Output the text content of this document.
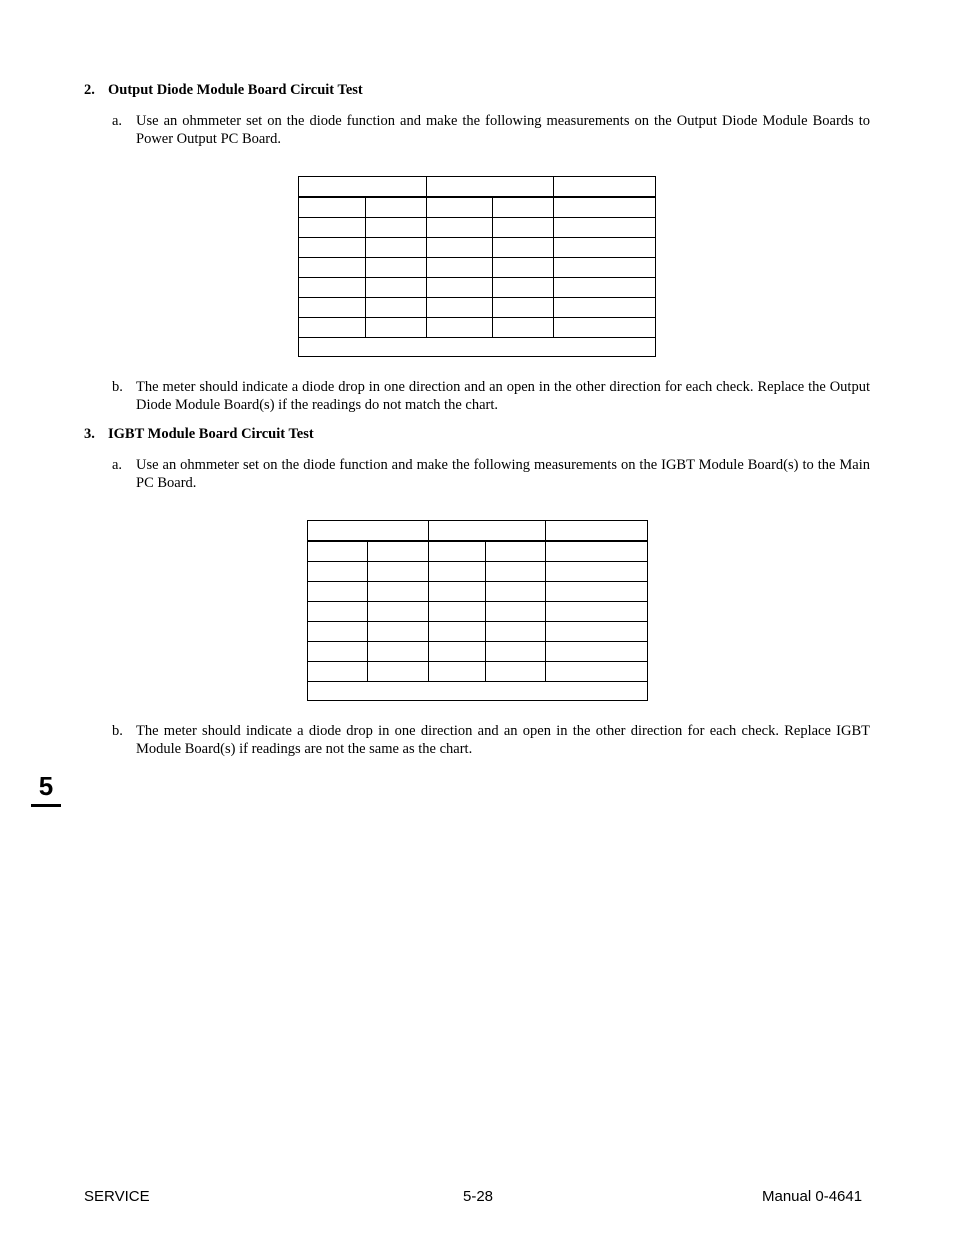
2. Output Diode Module Board Circuit Test
a. Use an ohmmeter set on the diode function and make the following measurements on the Output Diode Module Boards to Power Output PC Board.

b. The meter should indicate a diode drop in one direction and an open in the other direction for each check. Replace the Output Diode Module Board(s) if the readings do not match the chart.
3. IGBT Module Board Circuit Test
a. Use an ohmmeter set on the diode function and make the following measurements on the IGBT Module Board(s) to the Main PC Board.

b. The meter should indicate a diode drop in one direction and an open in the other direction for each check. Replace IGBT Module Board(s) if readings are not the same as the chart.
5
SERVICE	5-28	Manual 0-4641
